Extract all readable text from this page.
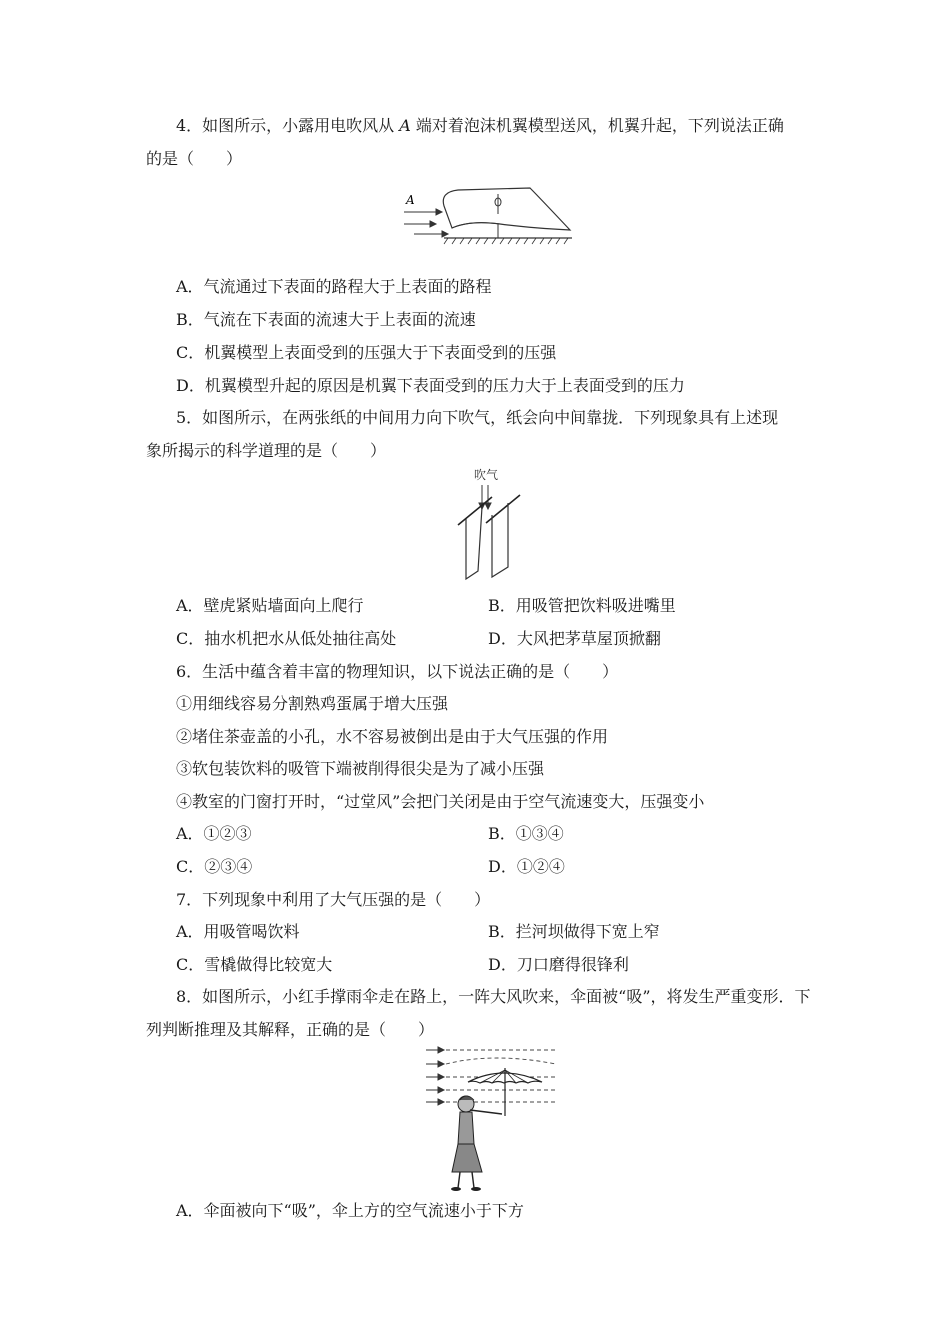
4．如图所示，小露用电吹风从 A 端对着泡沫机翼模型送风，机翼升起，下列说法正确
的是（　　）
A
A．气流通过下表面的路程大于上表面的路程
B．气流在下表面的流速大于上表面的流速
C．机翼模型上表面受到的压强大于下表面受到的压强
D．机翼模型升起的原因是机翼下表面受到的压力大于上表面受到的压力
5．如图所示，在两张纸的中间用力向下吹气，纸会向中间靠拢．下列现象具有上述现
象所揭示的科学道理的是（　　）
吹气
A．壁虎紧贴墙面向上爬行	B．用吸管把饮料吸进嘴里
C．抽水机把水从低处抽往高处	D．大风把茅草屋顶掀翻
6．生活中蕴含着丰富的物理知识，以下说法正确的是（　　）
①用细线容易分割熟鸡蛋属于增大压强
②堵住茶壶盖的小孔，水不容易被倒出是由于大气压强的作用
③软包装饮料的吸管下端被削得很尖是为了减小压强
④教室的门窗打开时，“过堂风”会把门关闭是由于空气流速变大，压强变小
A．①②③	B．①③④
C．②③④	D．①②④
7．下列现象中利用了大气压强的是（　　）
A．用吸管喝饮料	B．拦河坝做得下宽上窄
C．雪橇做得比较宽大	D．刀口磨得很锋利
8．如图所示，小红手撑雨伞走在路上，一阵大风吹来，伞面被“吸”，将发生严重变形．下
列判断推理及其解释，正确的是（　　）
A．伞面被向下“吸”，伞上方的空气流速小于下方
